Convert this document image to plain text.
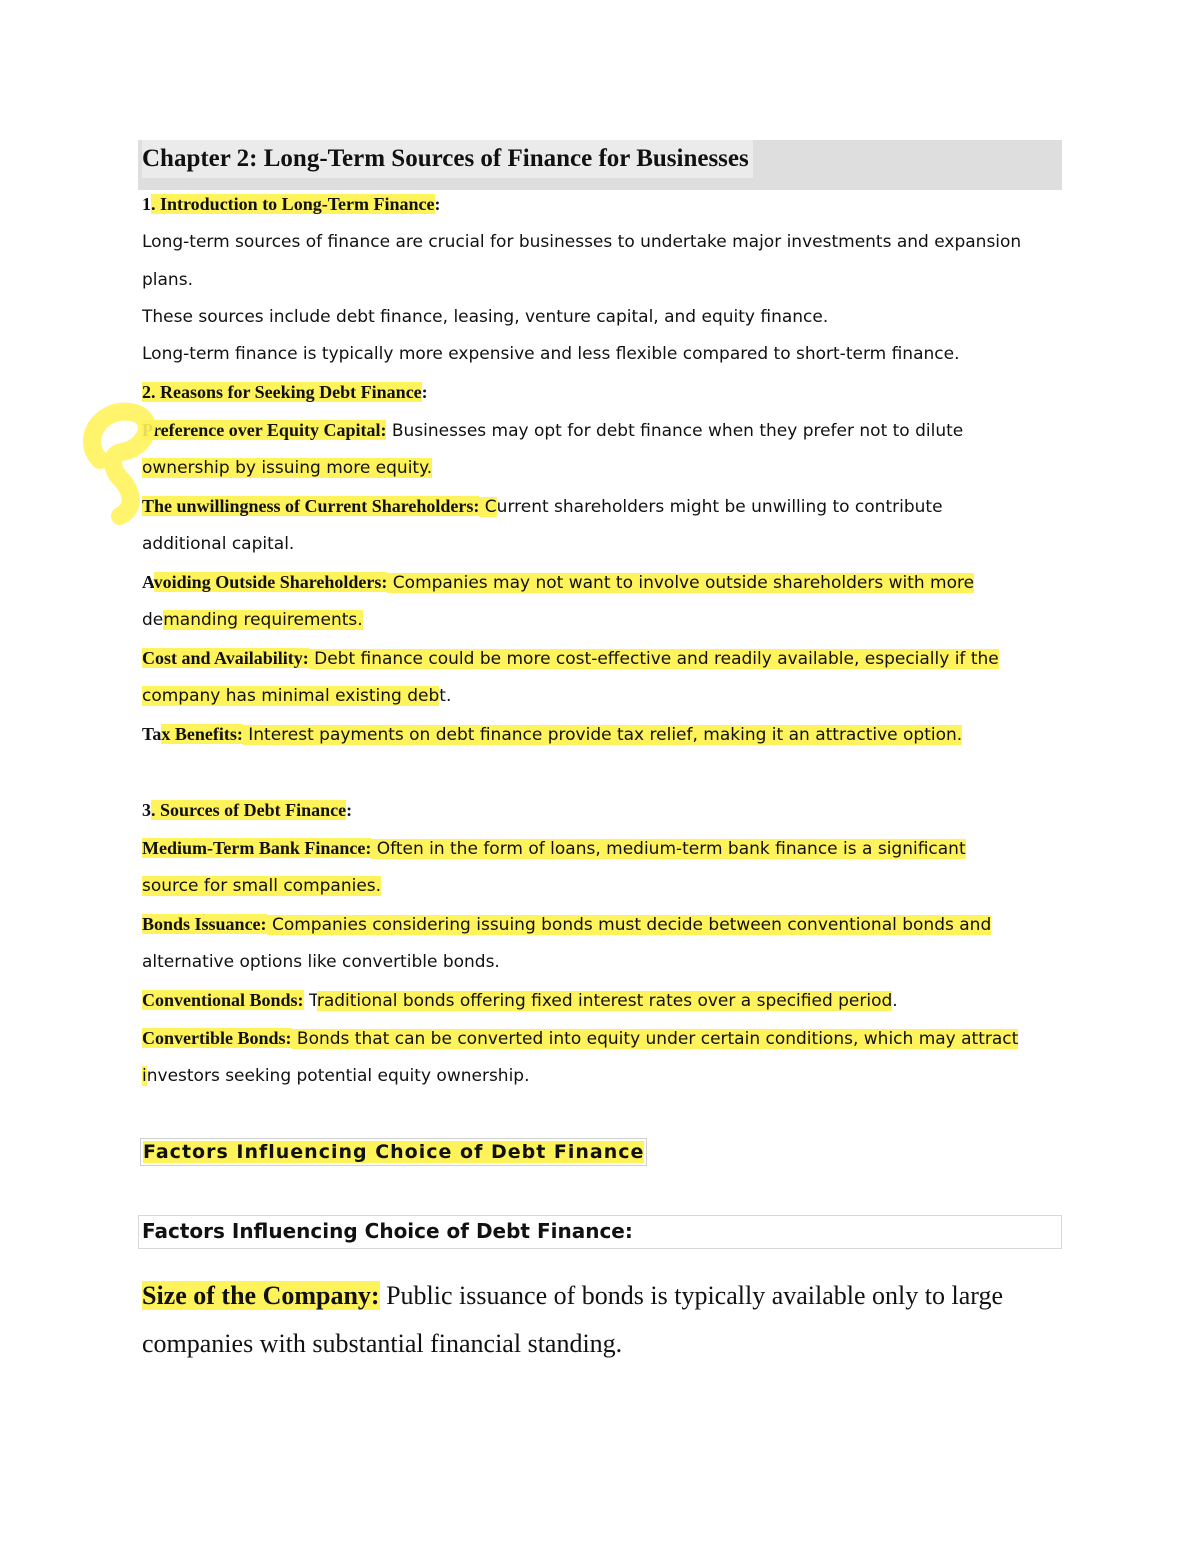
Chapter 2: Long-Term Sources of Finance for Businesses
1. Introduction to Long-Term Finance:
Long-term sources of finance are crucial for businesses to undertake major investments and expansion
plans.
These sources include debt finance, leasing, venture capital, and equity finance.
Long-term finance is typically more expensive and less flexible compared to short-term finance.
2. Reasons for Seeking Debt Finance:
Preference over Equity Capital: Businesses may opt for debt finance when they prefer not to dilute
ownership by issuing more equity.
The unwillingness of Current Shareholders: Current shareholders might be unwilling to contribute
additional capital.
Avoiding Outside Shareholders: Companies may not want to involve outside shareholders with more
demanding requirements.
Cost and Availability: Debt finance could be more cost-effective and readily available, especially if the
company has minimal existing debt.
Tax Benefits: Interest payments on debt finance provide tax relief, making it an attractive option.
3. Sources of Debt Finance:
Medium-Term Bank Finance: Often in the form of loans, medium-term bank finance is a significant
source for small companies.
Bonds Issuance: Companies considering issuing bonds must decide between conventional bonds and
alternative options like convertible bonds.
Conventional Bonds: Traditional bonds offering fixed interest rates over a specified period.
Convertible Bonds: Bonds that can be converted into equity under certain conditions, which may attract
investors seeking potential equity ownership.
Factors Influencing Choice of Debt Finance
Factors Influencing Choice of Debt Finance:
Size of the Company: Public issuance of bonds is typically available only to large
companies with substantial financial standing.
